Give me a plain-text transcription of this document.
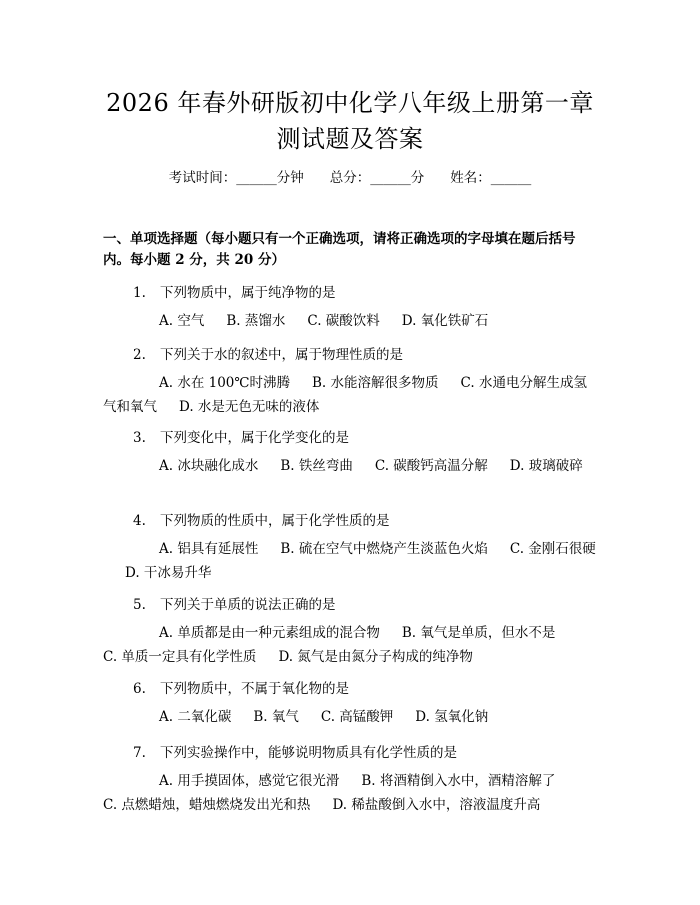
2026 年春外研版初中化学八年级上册第一章
测试题及答案
考试时间：______分钟 总分：______分 姓名：______
一、单项选择题（每小题只有一个正确选项，请将正确选项的字母填在题后括号内。每小题 2 分，共 20 分）
1. 下列物质中，属于纯净物的是
A. 空气 B. 蒸馏水 C. 碳酸饮料 D. 氧化铁矿石
2. 下列关于水的叙述中，属于物理性质的是
A. 水在 100℃时沸腾 B. 水能溶解很多物质 C. 水通电分解生成氢气和氧气 D. 水是无色无味的液体
3. 下列变化中，属于化学变化的是
A. 冰块融化成水 B. 铁丝弯曲 C. 碳酸钙高温分解 D. 玻璃破碎
4. 下列物质的性质中，属于化学性质的是
A. 铝具有延展性 B. 硫在空气中燃烧产生淡蓝色火焰 C. 金刚石很硬D. 干冰易升华
5. 下列关于单质的说法正确的是
A. 单质都是由一种元素组成的混合物 B. 氧气是单质，但水不是C. 单质一定具有化学性质 D. 氮气是由氮分子构成的纯净物
6. 下列物质中，不属于氧化物的是
A. 二氧化碳 B. 氧气 C. 高锰酸钾 D. 氢氧化钠
7. 下列实验操作中，能够说明物质具有化学性质的是
A. 用手摸固体，感觉它很光滑 B. 将酒精倒入水中，酒精溶解了C. 点燃蜡烛，蜡烛燃烧发出光和热 D. 稀盐酸倒入水中，溶液温度升高
